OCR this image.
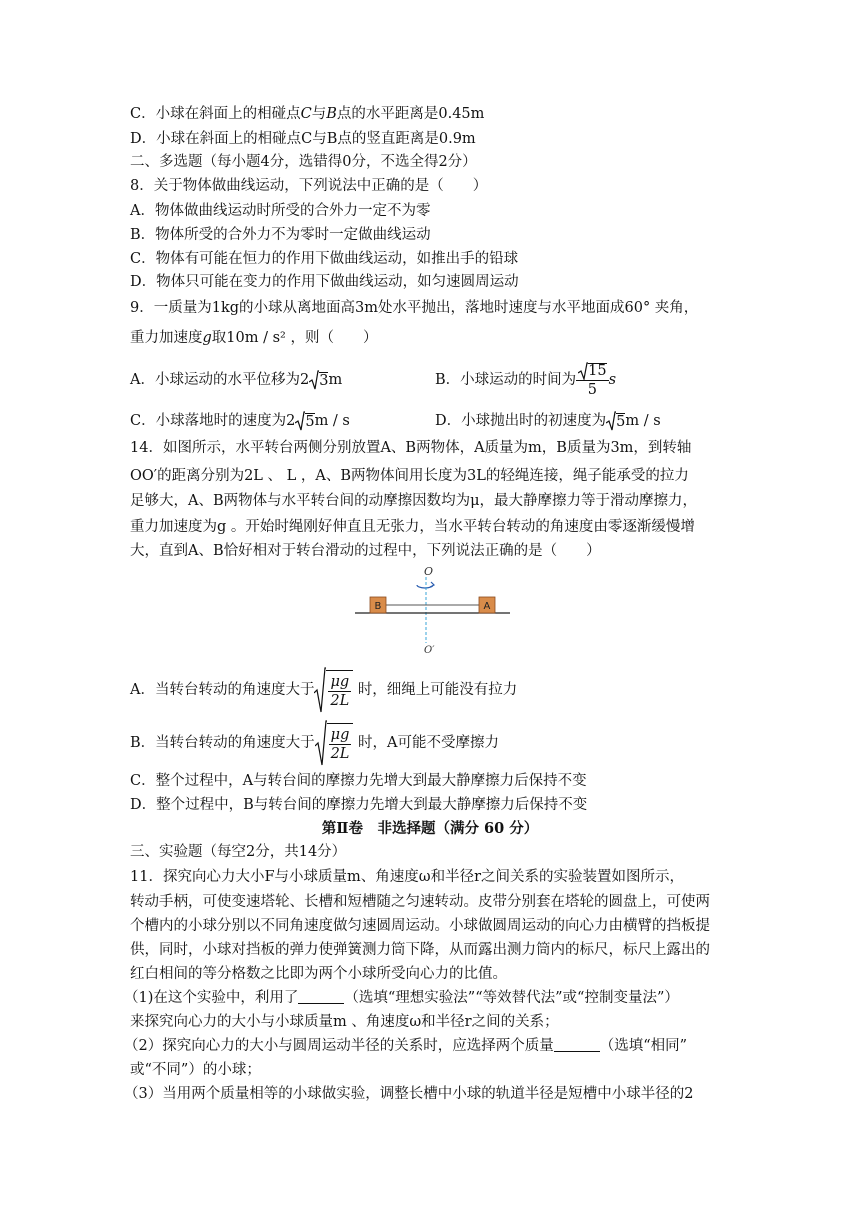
C．小球在斜面上的相碰点C与B点的水平距离是0.45m
D．小球在斜面上的相碰点C与B点的竖直距离是0.9m
二、多选题（每小题4分，选错得0分，不选全得2分）
8．关于物体做曲线运动，下列说法中正确的是（　　）
A．物体做曲线运动时所受的合外力一定不为零
B．物体所受的合外力不为零时一定做曲线运动
C．物体有可能在恒力的作用下做曲线运动，如推出手的铅球
D．物体只可能在变力的作用下做曲线运动，如匀速圆周运动
9．一质量为1kg的小球从离地面高3m处水平抛出，落地时速度与水平地面成60° 夹角，
重力加速度g取10m / s² ，则（　　）
A．小球运动的水平位移为2 3 m	B．小球运动的时间为 $\frac{15}{5}$ s
C．小球落地时的速度为2 5 m / s	D．小球抛出时的初速度为 5 m / s
14．如图所示，水平转台两侧分别放置A、B两物体，A质量为m，B质量为3m，到转轴
OO′的距离分别为2L 、 L ，A、B两物体间用长度为3L的轻绳连接，绳子能承受的拉力
足够大，A、B两物体与水平转台间的动摩擦因数均为μ，最大静摩擦力等于滑动摩擦力，
重力加速度为g 。开始时绳刚好伸直且无张力，当水平转台转动的角速度由零逐渐缓慢增
大，直到A、B恰好相对于转台滑动的过程中，下列说法正确的是（　　）
O
B	A
O′
A．当转台转动的角速度大于 $\frac{\mu g}{2L}$ 时，细绳上可能没有拉力
B．当转台转动的角速度大于 $\frac{\mu g}{2L}$ 时，A可能不受摩擦力
C．整个过程中，A与转台间的摩擦力先增大到最大静摩擦力后保持不变
D．整个过程中，B与转台间的摩擦力先增大到最大静摩擦力后保持不变
第Ⅱ卷　非选择题（满分 60 分）
三、实验题（每空2分，共14分）
11．探究向心力大小F与小球质量m、角速度ω和半径r之间关系的实验装置如图所示，
转动手柄，可使变速塔轮、长槽和短槽随之匀速转动。皮带分别套在塔轮的圆盘上，可使两
个槽内的小球分别以不同角速度做匀速圆周运动。小球做圆周运动的向心力由横臂的挡板提
供，同时，小球对挡板的弹力使弹簧测力筒下降，从而露出测力筒内的标尺，标尺上露出的
红白相间的等分格数之比即为两个小球所受向心力的比值。
（1)在这个实验中，利用了	（选填“理想实验法”“等效替代法”或“控制变量法”）
来探究向心力的大小与小球质量m 、角速度ω和半径r之间的关系；
（2）探究向心力的大小与圆周运动半径的关系时，应选择两个质量	（选填“相同”
或“不同”）的小球；
（3）当用两个质量相等的小球做实验，调整长槽中小球的轨道半径是短槽中小球半径的2
